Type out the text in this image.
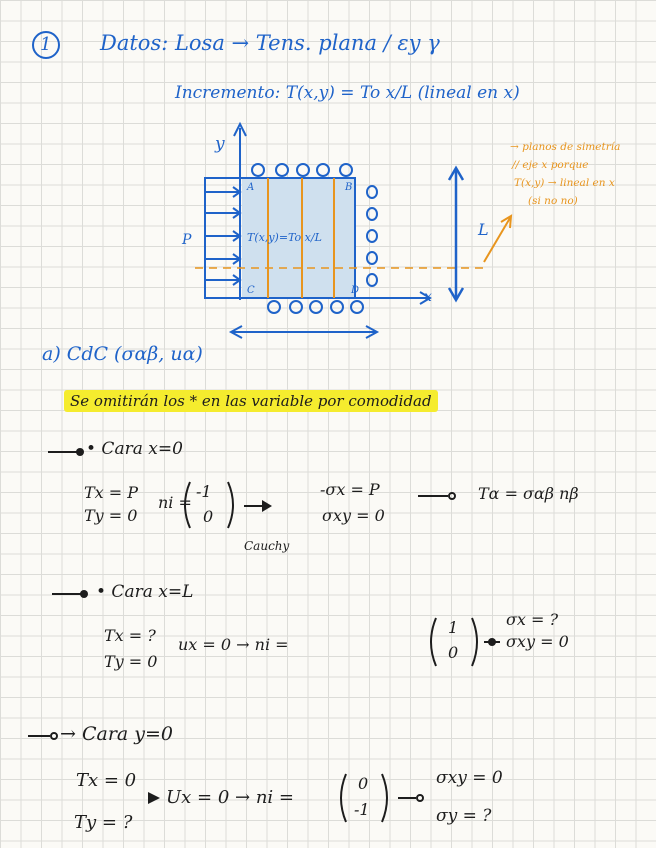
1 Datos: Losa → Tens. plana / εy γ
Incremento: T(x,y) = To x/L (lineal en x)
y
x
P
A	B
C	D
T(x,y)=To x/L	L
→ planos de simetría
// eje x porque
T(x,y) → lineal en x
(si no no)
a) CdC (σαβ, uα)
Se omitirán los * en las variable por comodidad
• Cara x=0
Tx = P
Ty = 0
ni =
-1
0
-σx = P
σxy = 0
Tα = σαβ nβ
Cauchy
• Cara x=L
Tx = ?
Ty = 0
ux = 0 → ni =
1
0
σx = ?
σxy = 0
→ Cara y=0
Tx = 0
Ty = ?
Ux = 0 → ni =
0
-1
σxy = 0
σy = ?
